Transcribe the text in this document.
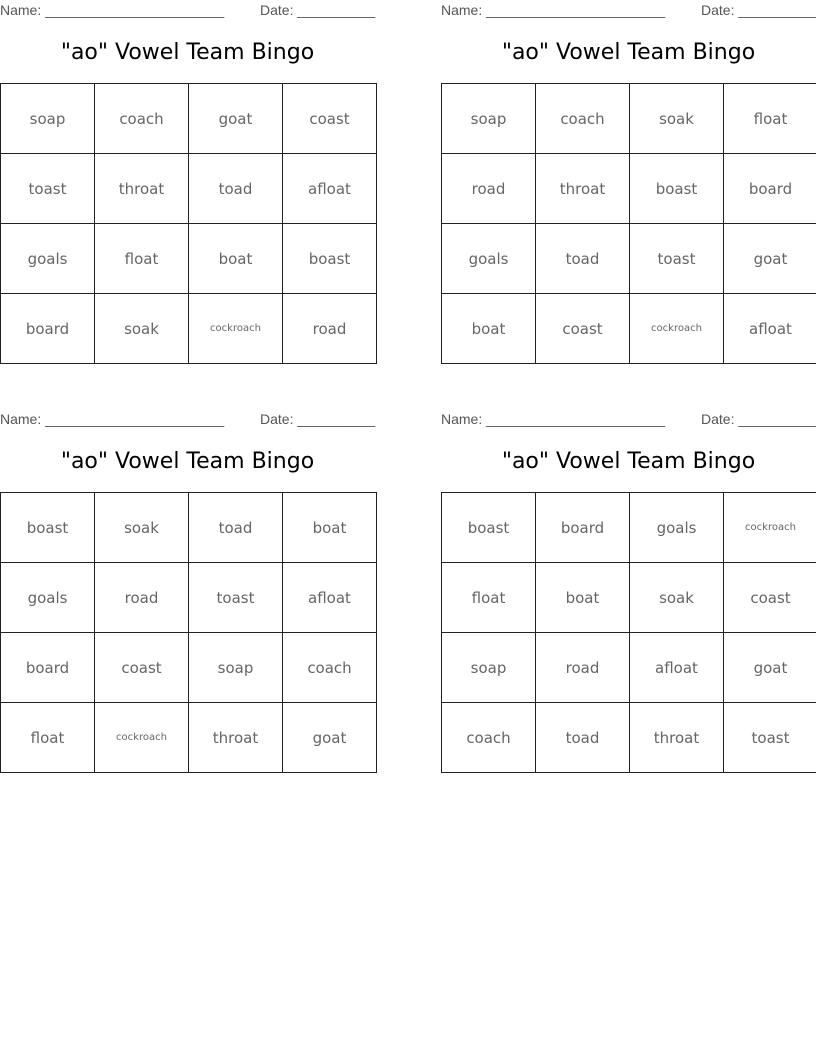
Name: _______________________	Date: __________
"ao" Vowel Team Bingo
soap	coach	goat	coast
toast	throat	toad	afloat
goals	float	boat	boast
board	soak	cockroach	road
Name: _______________________	Date: __________
"ao" Vowel Team Bingo
soap	coach	soak	float
road	throat	boast	board
goals	toad	toast	goat
boat	coast	cockroach	afloat
Name: _______________________	Date: __________
"ao" Vowel Team Bingo
boast	soak	toad	boat
goals	road	toast	afloat
board	coast	soap	coach
float	cockroach	throat	goat
Name: _______________________	Date: __________
"ao" Vowel Team Bingo
boast	board	goals	cockroach
float	boat	soak	coast
soap	road	afloat	goat
coach	toad	throat	toast
